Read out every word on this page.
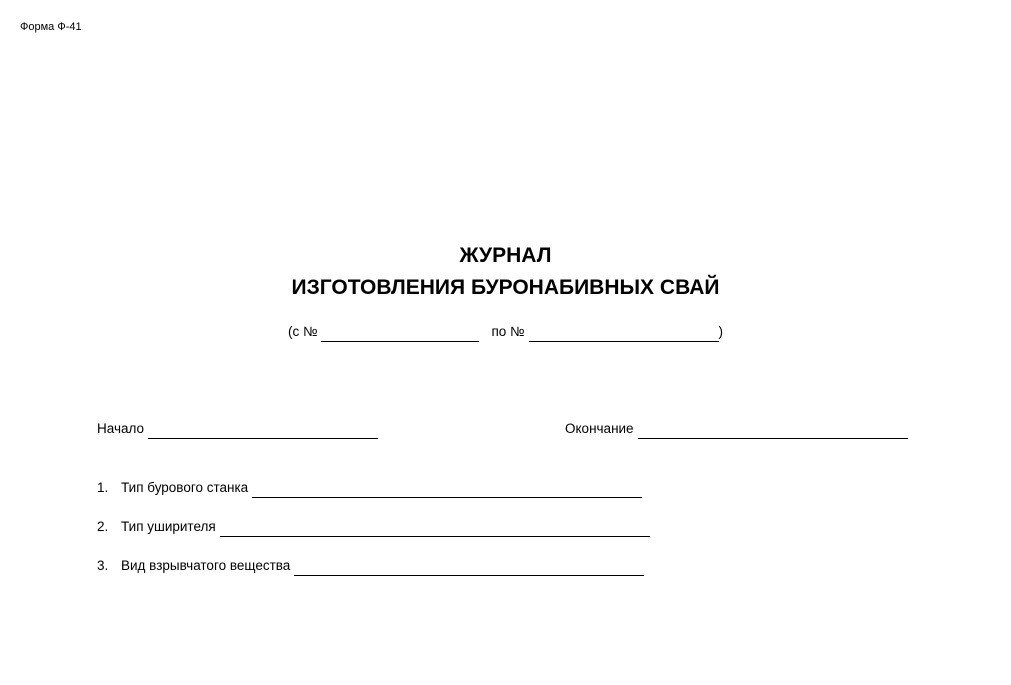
Форма Ф-41
ЖУРНАЛ
ИЗГОТОВЛЕНИЯ БУРОНАБИВНЫХ СВАЙ
(с №	по №	)
Начало	Окончание
1. Тип бурового станка
2. Тип уширителя
3. Вид взрывчатого вещества
